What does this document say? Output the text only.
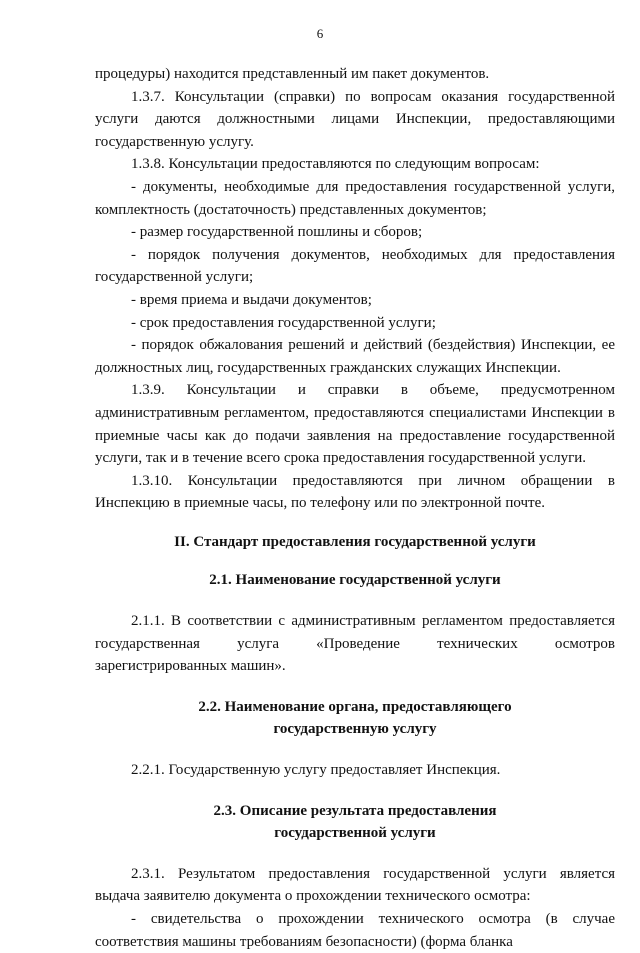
6

процедуры) находится представленный им пакет документов.

1.3.7. Консультации (справки) по вопросам оказания государственной услуги даются должностными лицами Инспекции, предоставляющими государственную услугу.

1.3.8. Консультации предоставляются по следующим вопросам:

- документы, необходимые для предоставления государственной услуги, комплектность (достаточность) представленных документов;

- размер государственной пошлины и сборов;

- порядок получения документов, необходимых для предоставления государственной услуги;

- время приема и выдачи документов;

- срок предоставления государственной услуги;

- порядок обжалования решений и действий (бездействия) Инспекции, ее должностных лиц, государственных гражданских служащих Инспекции.

1.3.9. Консультации и справки в объеме, предусмотренном административным регламентом, предоставляются специалистами Инспекции в приемные часы как до подачи заявления на предоставление государственной услуги, так и в течение всего срока предоставления государственной услуги.

1.3.10. Консультации предоставляются при личном обращении в Инспекцию в приемные часы, по телефону или по электронной почте.

II. Стандарт предоставления государственной услуги

2.1. Наименование государственной услуги

2.1.1. В соответствии с административным регламентом предоставляется государственная услуга «Проведение технических осмотров зарегистрированных машин».

2.2. Наименование органа, предоставляющего

государственную услугу

2.2.1. Государственную услугу предоставляет Инспекция.

2.3. Описание результата предоставления

государственной услуги

2.3.1. Результатом предоставления государственной услуги является выдача заявителю документа о прохождении технического осмотра:

- свидетельства о прохождении технического осмотра (в случае соответствия машины требованиям безопасности) (форма бланка
